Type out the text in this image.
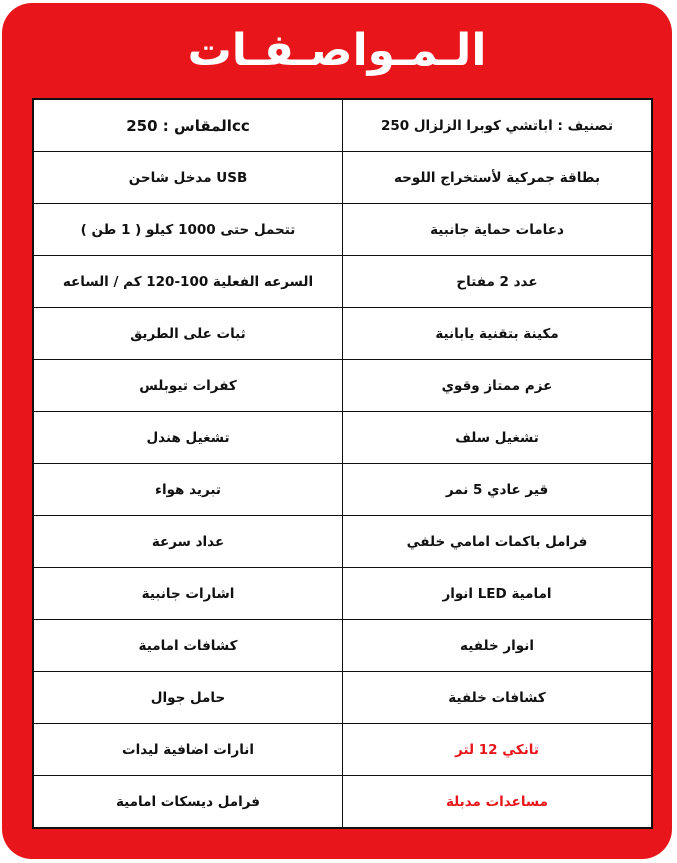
الـمـواصـفـات
المقاس : 250cc	تصنيف : اباتشي كوبرا الزلزال 250
مدخل شاحن USB	بطاقة جمركية لأستخراج اللوحه
تتحمل حتى 1000 كيلو ( 1 طن )	دعامات حماية جانبية
السرعه الفعلية 100-120 كم / الساعه	عدد 2 مفتاح
ثبات على الطريق	مكينة بتقنية يابانية
كفرات تيوبلس	عزم ممتاز وقوي
تشغيل هندل	تشغيل سلف
تبريد هواء	قير عادي 5 نمر
عداد سرعة	فرامل باكمات امامي خلفي
اشارات جانبية	انوار LED امامية
كشافات امامية	انوار خلفيه
حامل جوال	كشافات خلفية
انارات اضافية ليدات	تانكي 12 لتر
فرامل ديسكات امامية	مساعدات مدبلة
